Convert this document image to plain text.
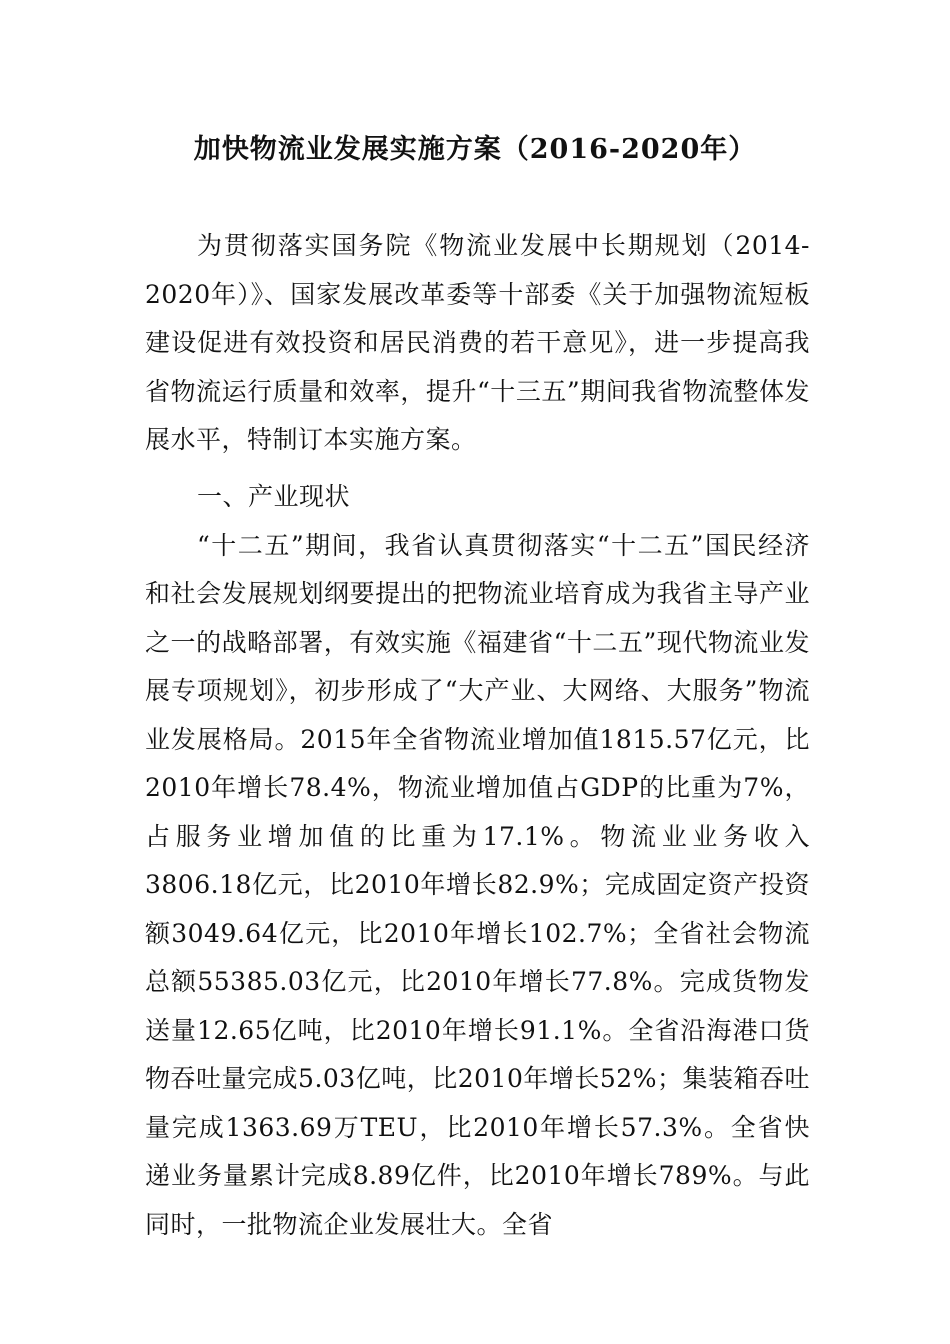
加快物流业发展实施方案（2016-2020年）

为贯彻落实国务院《物流业发展中长期规划（2014-2020年）》、国家发展改革委等十部委《关于加强物流短板建设促进有效投资和居民消费的若干意见》，进一步提高我省物流运行质量和效率，提升“十三五”期间我省物流整体发展水平，特制订本实施方案。

一、产业现状

“十二五”期间，我省认真贯彻落实“十二五”国民经济和社会发展规划纲要提出的把物流业培育成为我省主导产业之一的战略部署，有效实施《福建省“十二五”现代物流业发展专项规划》，初步形成了“大产业、大网络、大服务”物流业发展格局。2015年全省物流业增加值1815.57亿元，比2010年增长78.4%，物流业增加值占GDP的比重为7%，占服务业增加值的比重为17.1%。物流业业务收入3806.18亿元，比2010年增长82.9%；完成固定资产投资额3049.64亿元，比2010年增长102.7%；全省社会物流总额55385.03亿元，比2010年增长77.8%。完成货物发送量12.65亿吨，比2010年增长91.1%。全省沿海港口货物吞吐量完成5.03亿吨，比2010年增长52%；集装箱吞吐量完成1363.69万TEU，比2010年增长57.3%。全省快递业务量累计完成8.89亿件，比2010年增长789%。与此同时，一批物流企业发展壮大。全省
